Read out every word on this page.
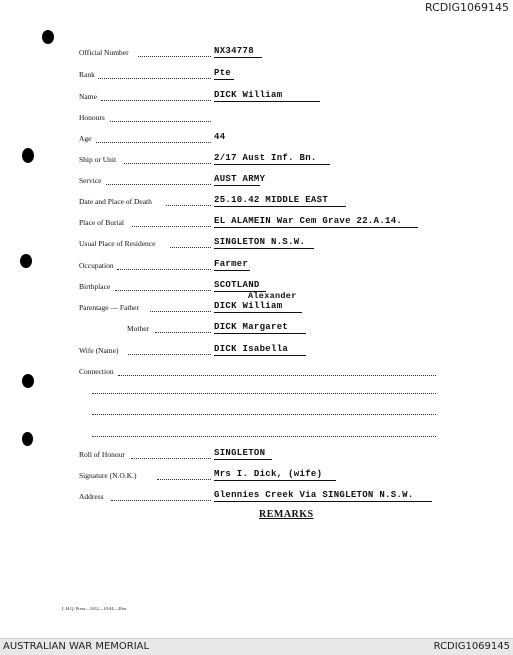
RCDIG1069145
Official Number	NX34778
Rank	Pte
Name	DICK William
Honours
Age	44
Ship or Unit	2/17 Aust Inf. Bn.
Service	AUST ARMY
Date and Place of Death	25.10.42 MIDDLE EAST
Place of Burial	EL ALAMEIN War Cem Grave 22.A.14.
Usual Place of Residence	SINGLETON N.S.W.
Occupation	Farmer
Birthplace	SCOTLAND
Alexander
Parentage — Father	DICK William
Mother	DICK Margaret
Wife (Name)	DICK Isabella
Connection
Roll of Honour	SINGLETON
Signature (N.O.K.)	Mrs I. Dick, (wife)
Address	Glennies Creek Via SINGLETON N.S.W.
REMARKS
L.H.Q. Press—1632—10/44—20m.
AUSTRALIAN WAR MEMORIAL	RCDIG1069145
